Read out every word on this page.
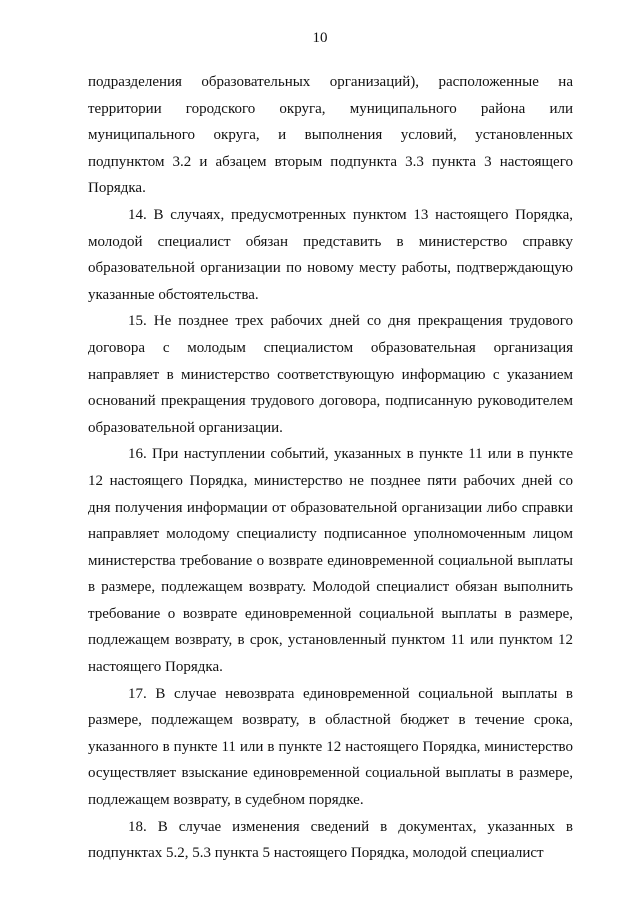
10

подразделения образовательных организаций), расположенные на территории городского округа, муниципального района или муниципального округа, и выполнения условий, установленных подпунктом 3.2 и абзацем вторым подпункта 3.3 пункта 3 настоящего Порядка.

14. В случаях, предусмотренных пунктом 13 настоящего Порядка, молодой специалист обязан представить в министерство справку образовательной организации по новому месту работы, подтверждающую указанные обстоятельства.

15. Не позднее трех рабочих дней со дня прекращения трудового договора с молодым специалистом образовательная организация направляет в министерство соответствующую информацию с указанием оснований прекращения трудового договора, подписанную руководителем образовательной организации.

16. При наступлении событий, указанных в пункте 11 или в пункте 12 настоящего Порядка, министерство не позднее пяти рабочих дней со дня получения информации от образовательной организации либо справки направляет молодому специалисту подписанное уполномоченным лицом министерства требование о возврате единовременной социальной выплаты в размере, подлежащем возврату. Молодой специалист обязан выполнить требование о возврате единовременной социальной выплаты в размере, подлежащем возврату, в срок, установленный пунктом 11 или пунктом 12 настоящего Порядка.

17. В случае невозврата единовременной социальной выплаты в размере, подлежащем возврату, в областной бюджет в течение срока, указанного в пункте 11 или в пункте 12 настоящего Порядка, министерство осуществляет взыскание единовременной социальной выплаты в размере, подлежащем возврату, в судебном порядке.

18. В случае изменения сведений в документах, указанных в подпунктах 5.2, 5.3 пункта 5 настоящего Порядка, молодой специалист
